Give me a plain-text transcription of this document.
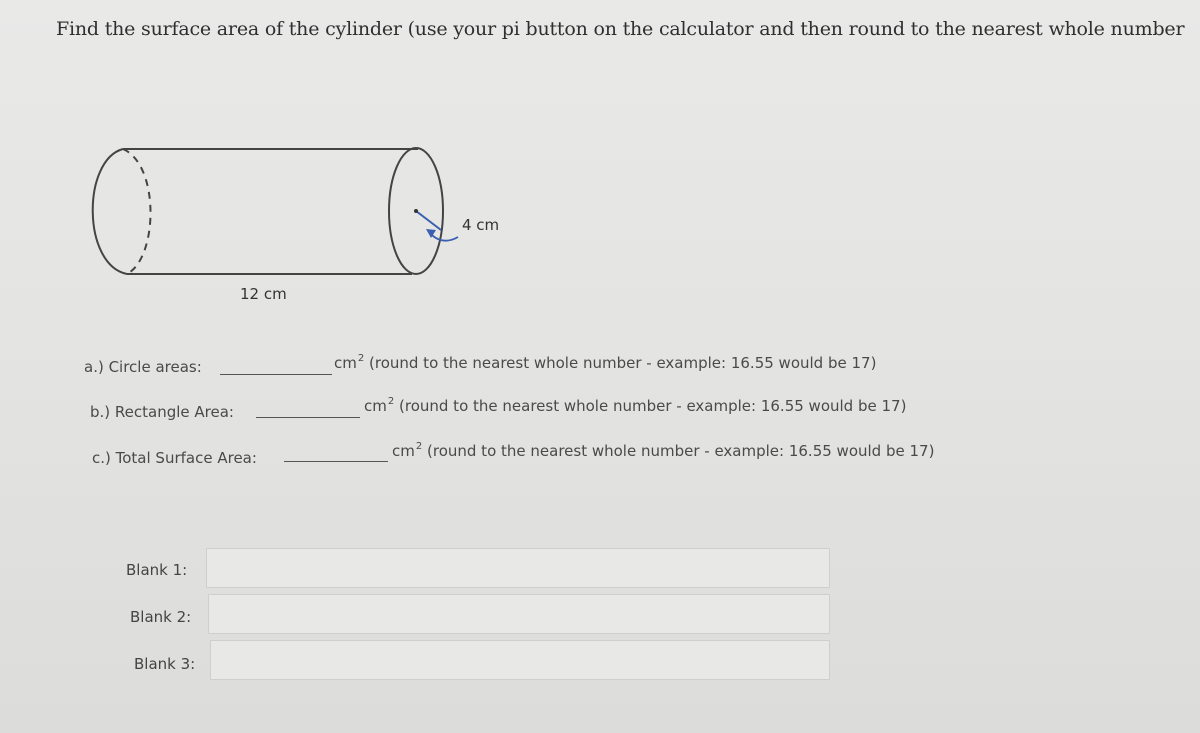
Find the surface area of the cylinder (use your pi button on the calculator and then round to the nearest whole number
4 cm
12 cm
a.) Circle areas:	$cm^2$ (round to the nearest whole number - example: 16.55 would be 17)
b.) Rectangle Area:	$cm^2$ (round to the nearest whole number - example: 16.55 would be 17)
c.) Total Surface Area:	$cm^2$ (round to the nearest whole number - example: 16.55 would be 17)
Blank 1:
Blank 2:
Blank 3:
